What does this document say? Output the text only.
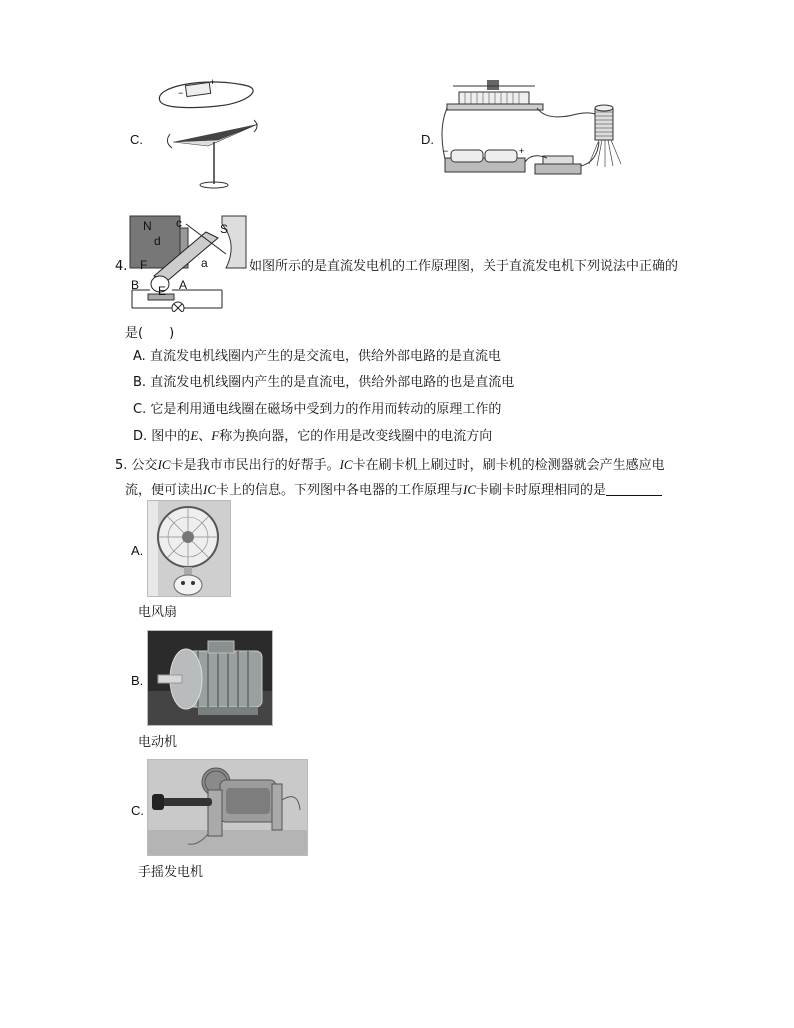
C.
+
−
D.
−	+
4.
N c
d
S
a
F
B E A
如图所示的是直流发电机的工作原理图，关于直流发电机下列说法中正确的
是(　　)
A. 直流发电机线圈内产生的是交流电，供给外部电路的是直流电
B. 直流发电机线圈内产生的是直流电，供给外部电路的也是直流电
C. 它是利用通电线圈在磁场中受到力的作用而转动的原理工作的
D. 图中的E、F称为换向器，它的作用是改变线圈中的电流方向
5. 公交IC卡是我市市民出行的好帮手。IC卡在刷卡机上刷过时，刷卡机的检测器就会产生感应电
流，便可读出IC卡上的信息。下列图中各电器的工作原理与IC卡刷卡时原理相同的是
A.
电风扇
B.
电动机
C.
手摇发电机
